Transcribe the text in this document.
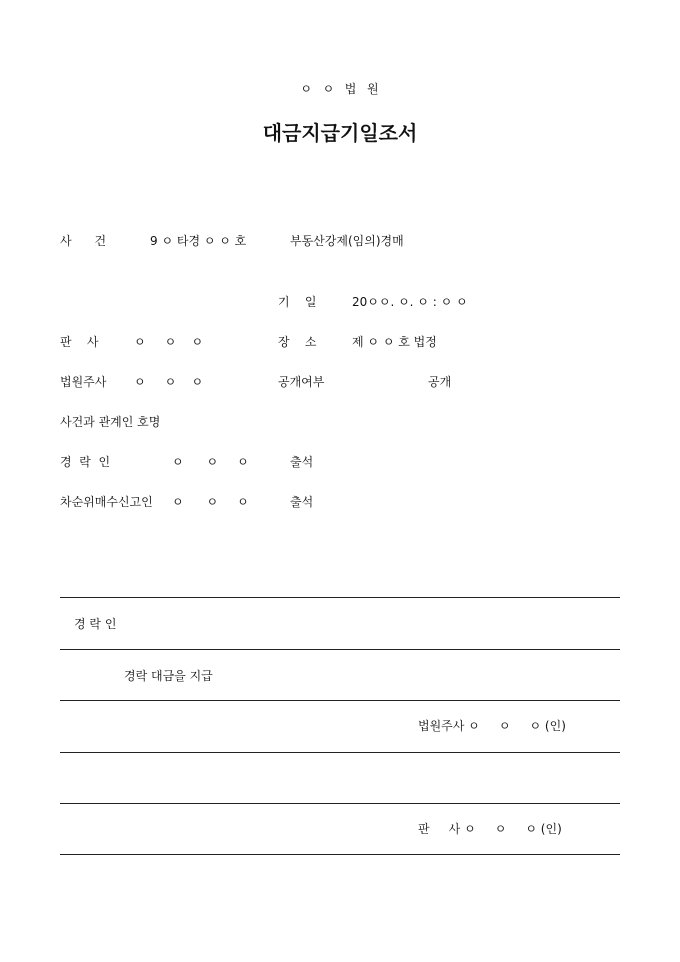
ㅇ  ㅇ  법  원
대금지급기일조서
사      건	9 ㅇ 타경 ㅇ ㅇ 호	부동산강제(임의)경매
기    일	20ㅇㅇ. ㅇ. ㅇ : ㅇ ㅇ
판    사	ㅇ     ㅇ    ㅇ	장    소	제 ㅇ ㅇ 호 법정
법원주사 ㅇ     ㅇ    ㅇ	공개여부	공개
사건과 관계인 호명
경  락  인	ㅇ      ㅇ     ㅇ	출석
차순위매수신고인 ㅇ      ㅇ     ㅇ	출석
경 락 인
경락 대금을 지급
법원주사 ㅇ     ㅇ     ㅇ (인)
판     사 ㅇ     ㅇ     ㅇ (인)
